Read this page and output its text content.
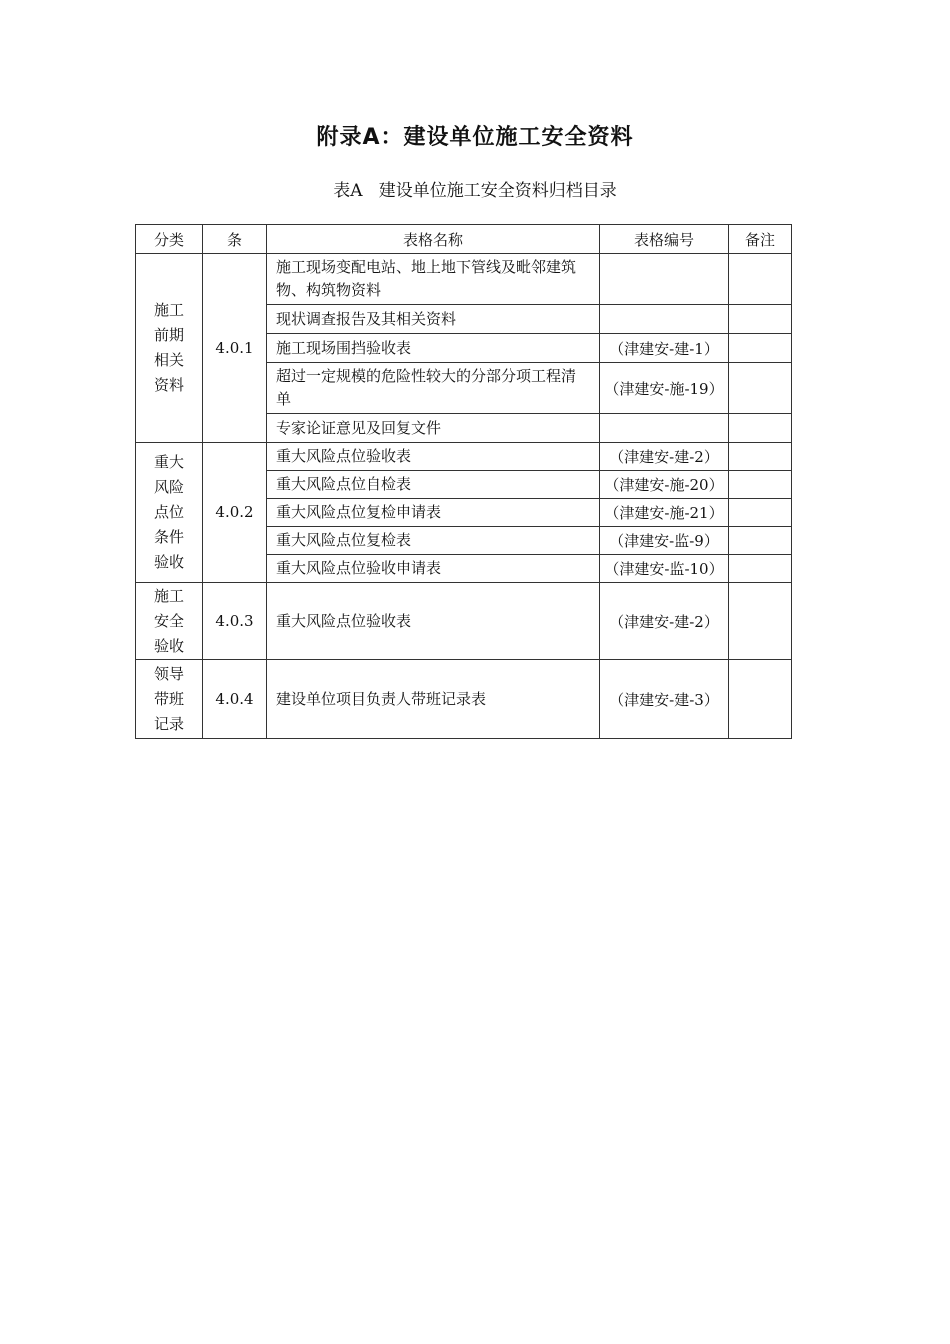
附录A：建设单位施工安全资料
表A   建设单位施工安全资料归档目录
分类	条	表格名称	表格编号	备注
施工
前期
相关
资料	4.0.1	施工现场变配电站、地上地下管线及毗邻建筑物、构筑物资料		
		现状调查报告及其相关资料		
		施工现场围挡验收表	（津建安-建-1）	
		超过一定规模的危险性较大的分部分项工程清单	（津建安-施-19）	
		专家论证意见及回复文件		
重大
风险
点位
条件
验收	4.0.2	重大风险点位验收表	（津建安-建-2）	
		重大风险点位自检表	（津建安-施-20）	
		重大风险点位复检申请表	（津建安-施-21）	
		重大风险点位复检表	（津建安-监-9）	
		重大风险点位验收申请表	（津建安-监-10）	
施工
安全
验收	4.0.3	重大风险点位验收表	（津建安-建-2）	
领导
带班
记录	4.0.4	建设单位项目负责人带班记录表	（津建安-建-3）	
